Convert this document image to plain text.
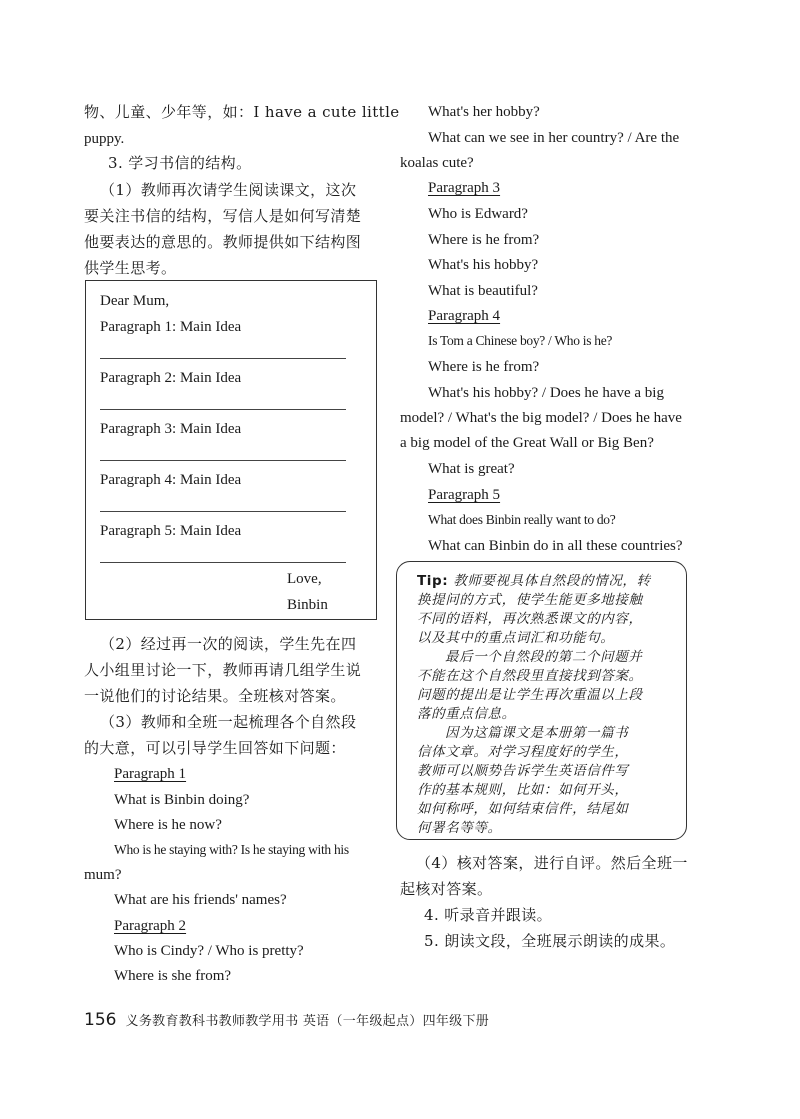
物、儿童、少年等，如：I have a cute little
puppy.
3. 学习书信的结构。
（1）教师再次请学生阅读课文，这次
要关注书信的结构，写信人是如何写清楚
他要表达的意思的。教师提供如下结构图
供学生思考。
（2）经过再一次的阅读，学生先在四
人小组里讨论一下，教师再请几组学生说
一说他们的讨论结果。全班核对答案。
（3）教师和全班一起梳理各个自然段
的大意，可以引导学生回答如下问题：
Paragraph 1
What is Binbin doing?
Where is he now?
Who is he staying with? Is he staying with his
mum?
What are his friends' names?
Paragraph 2
Who is Cindy? / Who is pretty?
Where is she from?
Dear Mum,
Paragraph 1: Main Idea
Paragraph 2: Main Idea
Paragraph 3: Main Idea
Paragraph 4: Main Idea
Paragraph 5: Main Idea
Love,
Binbin
What's her hobby?
What can we see in her country? / Are the
koalas cute?
Paragraph 3
Who is Edward?
Where is he from?
What's his hobby?
What is beautiful?
Paragraph 4
Is Tom a Chinese boy? / Who is he?
Where is he from?
What's his hobby? / Does he have a big
model? / What's the big model? / Does he have
a big model of the Great Wall or Big Ben?
What is great?
Paragraph 5
What does Binbin really want to do?
What can Binbin do in all these countries?
（4）核对答案，进行自评。然后全班一
起核对答案。
4. 听录音并跟读。
5. 朗读文段，全班展示朗读的成果。
Tip: 教师要视具体自然段的情况，转
换提问的方式，使学生能更多地接触
不同的语料，再次熟悉课文的内容，
以及其中的重点词汇和功能句。
最后一个自然段的第二个问题并
不能在这个自然段里直接找到答案。
问题的提出是让学生再次重温以上段
落的重点信息。
因为这篇课文是本册第一篇书
信体文章。对学习程度好的学生，
教师可以顺势告诉学生英语信件写
作的基本规则，比如：如何开头，
如何称呼，如何结束信件，结尾如
何署名等等。
156 义务教育教科书教师教学用书 英语（一年级起点）四年级下册
